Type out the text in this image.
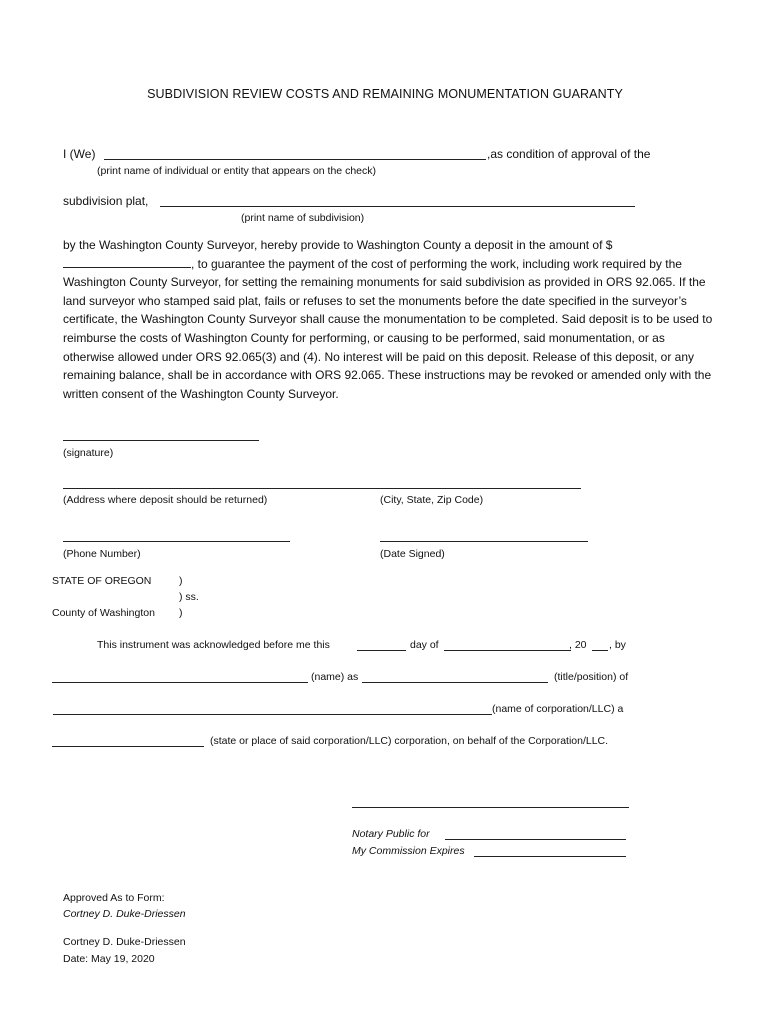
SUBDIVISION REVIEW COSTS AND REMAINING MONUMENTATION GUARANTY
I (We)	,as condition of approval of the
(print name of individual or entity that appears on the check)
subdivision plat,
(print name of subdivision)
by the Washington County Surveyor, hereby provide to Washington County a deposit in the amount of $, to guarantee the payment of the cost of performing the work, including work required by the Washington County Surveyor, for setting the remaining monuments for said subdivision as provided in ORS 92.065. If the land surveyor who stamped said plat, fails or refuses to set the monuments before the date specified in the surveyor’s certificate, the Washington County Surveyor shall cause the monumentation to be completed. Said deposit is to be used to reimburse the costs of Washington County for performing, or causing to be performed, said monumentation, or as otherwise allowed under ORS 92.065(3) and (4). No interest will be paid on this deposit. Release of this deposit, or any remaining balance, shall be in accordance with ORS 92.065. These instructions may be revoked or amended only with the written consent of the Washington County Surveyor.
(signature)
(Address where deposit should be returned)	(City, State, Zip Code)
(Phone Number)	(Date Signed)
STATE OF OREGON	)
) ss.
County of Washington )
This instrument was acknowledged before me this	day of	, 20 , by
(name) as	(title/position) of
(name of corporation/LLC) a
(state or place of said corporation/LLC) corporation, on behalf of the Corporation/LLC.
Notary Public for
My Commission Expires
Approved As to Form:
Cortney D. Duke-Driessen
Cortney D. Duke-Driessen
Date: May 19, 2020
